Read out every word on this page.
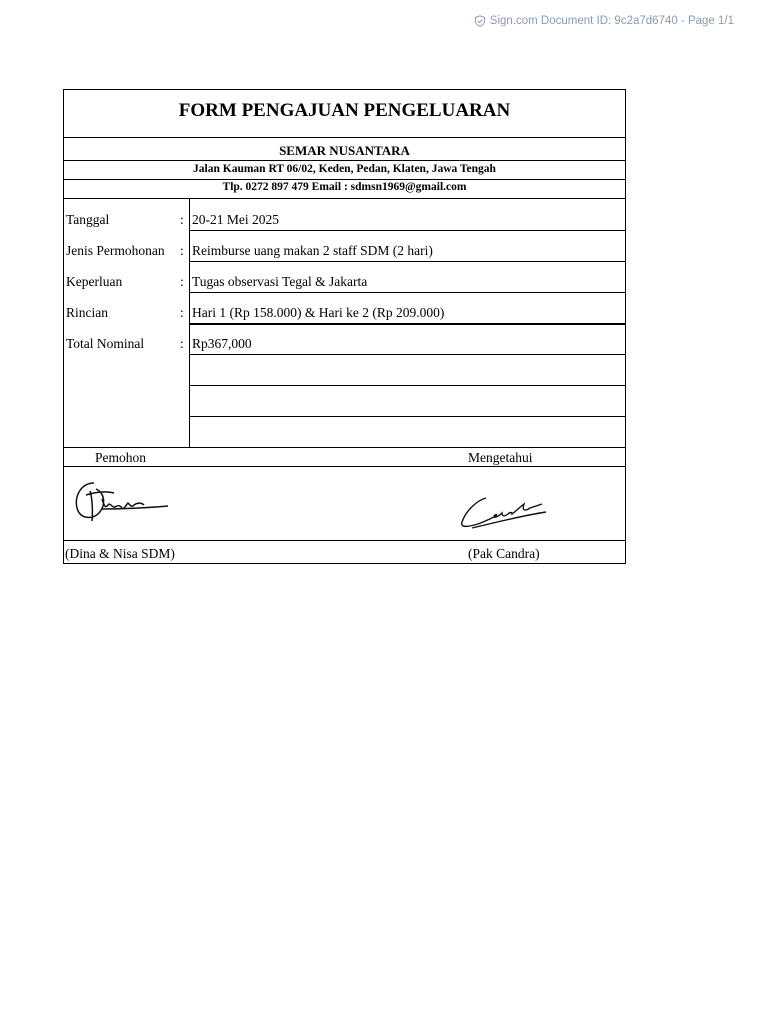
Sign.com Document ID: 9c2a7d6740 - Page 1/1
FORM PENGAJUAN PENGELUARAN
SEMAR NUSANTARA
Jalan Kauman RT 06/02, Keden, Pedan, Klaten, Jawa Tengah
Tlp. 0272 897 479 Email : sdmsn1969@gmail.com
Tanggal	: 20-21 Mei 2025
Jenis Permohonan : Reimburse uang makan 2 staff SDM (2 hari)
Keperluan	: Tugas observasi Tegal & Jakarta
Rincian	: Hari 1 (Rp 158.000) & Hari ke 2 (Rp 209.000)
Total Nominal	: Rp367,000
Pemohon	Mengetahui
(Dina & Nisa SDM)	(Pak Candra)
